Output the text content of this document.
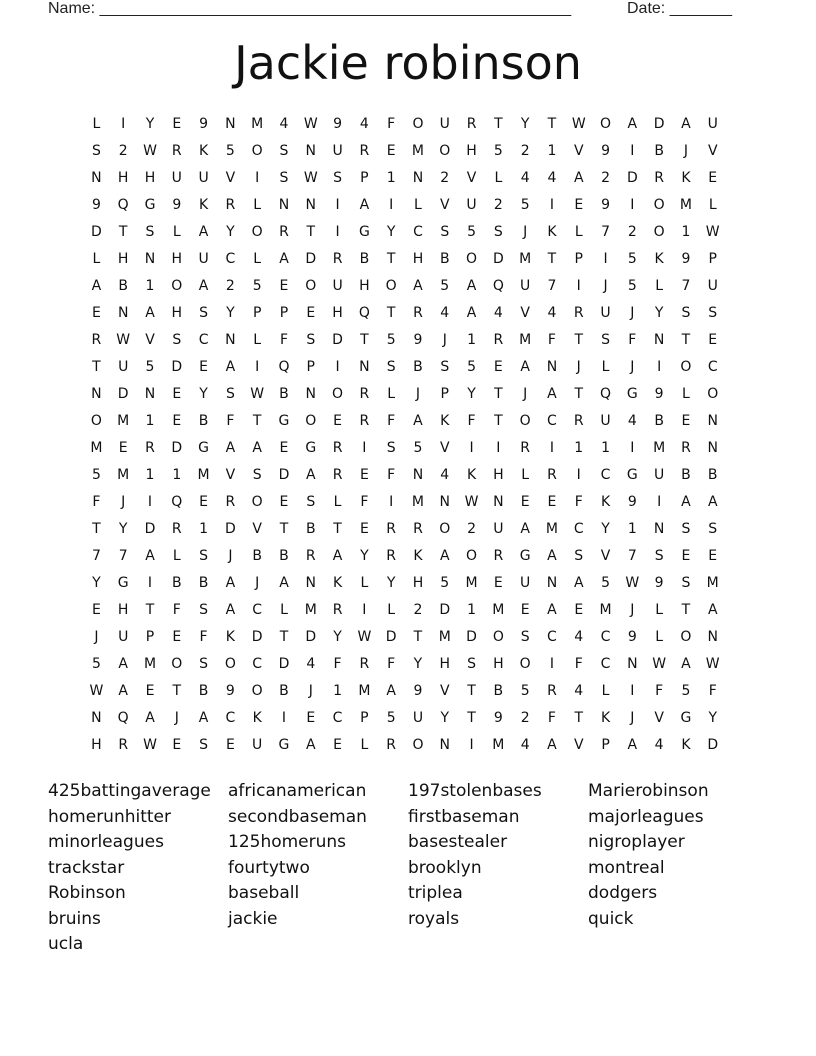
Name: _____________________________________________________	Date: _______
Jackie robinson
L	I	Y	E	9	N	M	4	W	9	4	F	O	U	R	T	Y	T	W	O	A	D	A	U
S	2	W	R	K	5	O	S	N	U	R	E	M	O	H	5	2	1	V	9	I	B	J	V
N	H	H	U	U	V	I	S	W	S	P	1	N	2	V	L	4	4	A	2	D	R	K	E
9	Q	G	9	K	R	L	N	N	I	A	I	L	V	U	2	5	I	E	9	I	O	M	L
D	T	S	L	A	Y	O	R	T	I	G	Y	C	S	5	S	J	K	L	7	2	O	1	W
L	H	N	H	U	C	L	A	D	R	B	T	H	B	O	D	M	T	P	I	5	K	9	P
A	B	1	O	A	2	5	E	O	U	H	O	A	5	A	Q	U	7	I	J	5	L	7	U
E	N	A	H	S	Y	P	P	E	H	Q	T	R	4	A	4	V	4	R	U	J	Y	S	S
R	W	V	S	C	N	L	F	S	D	T	5	9	J	1	R	M	F	T	S	F	N	T	E
T	U	5	D	E	A	I	Q	P	I	N	S	B	S	5	E	A	N	J	L	J	I	O	C
N	D	N	E	Y	S	W	B	N	O	R	L	J	P	Y	T	J	A	T	Q	G	9	L	O
O	M	1	E	B	F	T	G	O	E	R	F	A	K	F	T	O	C	R	U	4	B	E	N
M	E	R	D	G	A	A	E	G	R	I	S	5	V	I	I	R	I	1	1	I	M	R	N
5	M	1	1	M	V	S	D	A	R	E	F	N	4	K	H	L	R	I	C	G	U	B	B
F	J	I	Q	E	R	O	E	S	L	F	I	M	N	W	N	E	E	F	K	9	I	A	A
T	Y	D	R	1	D	V	T	B	T	E	R	R	O	2	U	A	M	C	Y	1	N	S	S
7	7	A	L	S	J	B	B	R	A	Y	R	K	A	O	R	G	A	S	V	7	S	E	E
Y	G	I	B	B	A	J	A	N	K	L	Y	H	5	M	E	U	N	A	5	W	9	S	M
E	H	T	F	S	A	C	L	M	R	I	L	2	D	1	M	E	A	E	M	J	L	T	A
J	U	P	E	F	K	D	T	D	Y	W	D	T	M	D	O	S	C	4	C	9	L	O	N
5	A	M	O	S	O	C	D	4	F	R	F	Y	H	S	H	O	I	F	C	N	W	A	W
W	A	E	T	B	9	O	B	J	1	M	A	9	V	T	B	5	R	4	L	I	F	5	F
N	Q	A	J	A	C	K	I	E	C	P	5	U	Y	T	9	2	F	T	K	J	V	G	Y
H	R	W	E	S	E	U	G	A	E	L	R	O	N	I	M	4	A	V	P	A	4	K	D
425battingaverage	africanamerican	197stolenbases	Marierobinson
homerunhitter	secondbaseman	firstbaseman	majorleagues
minorleagues	125homeruns	basestealer	nigroplayer
trackstar	fourtytwo	brooklyn	montreal
Robinson	baseball	triplea	dodgers
bruins	jackie	royals	quick
ucla
